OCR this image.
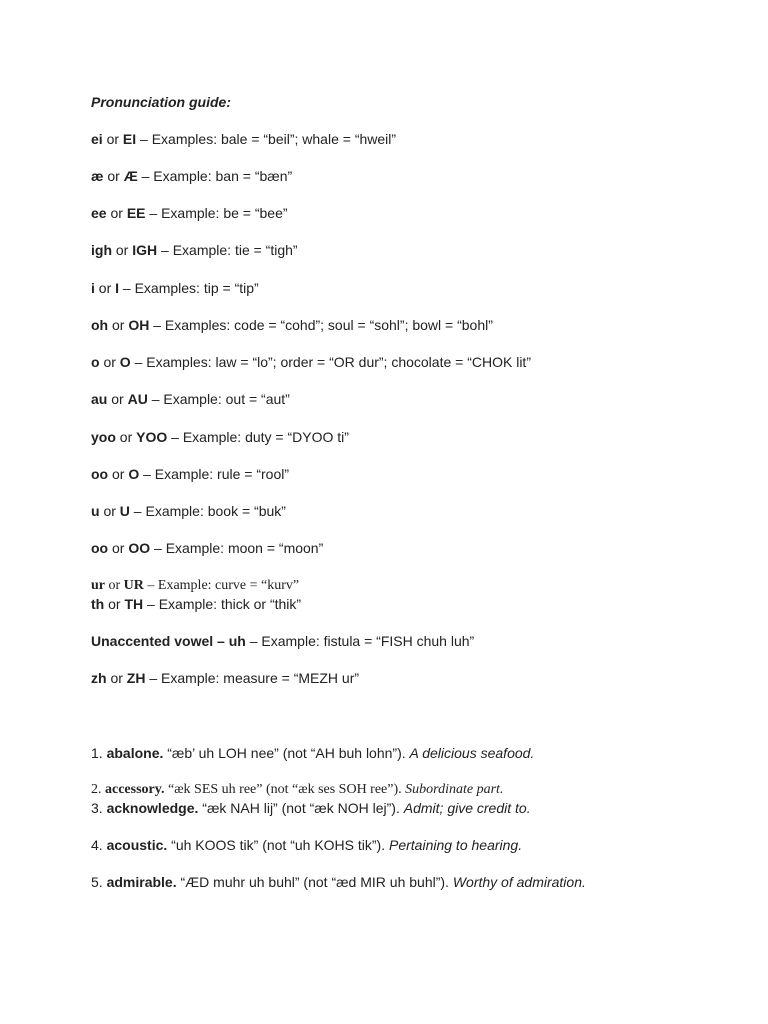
Pronunciation guide:
ei or EI – Examples: bale = “beil”; whale = “hweil”
æ or Æ – Example: ban = “bæn”
ee or EE – Example: be = “bee”
igh or IGH – Example: tie = “tigh”
i or I – Examples: tip = “tip”
oh or OH – Examples: code = “cohd”; soul = “sohl”; bowl = “bohl”
o or O – Examples: law = “lo”; order = “OR dur”; chocolate = “CHOK lit”
au or AU – Example: out = “aut”
yoo or YOO – Example: duty = “DYOO ti”
oo or O – Example: rule = “rool”
u or U – Example: book = “buk”
oo or OO – Example: moon = “moon”
ur or UR – Example: curve = “kurv”
th or TH – Example: thick or “thik”
Unaccented vowel – uh – Example: fistula = “FISH chuh luh”
zh or ZH – Example: measure = “MEZH ur”
1. abalone. “æb’ uh LOH nee” (not “AH buh lohn”). A delicious seafood.
2. accessory. “æk SES uh ree” (not “æk ses SOH ree”). Subordinate part.
3. acknowledge. “æk NAH lij” (not “æk NOH lej”). Admit; give credit to.
4. acoustic. “uh KOOS tik” (not “uh KOHS tik”). Pertaining to hearing.
5. admirable. “ÆD muhr uh buhl” (not “æd MIR uh buhl”). Worthy of admiration.
